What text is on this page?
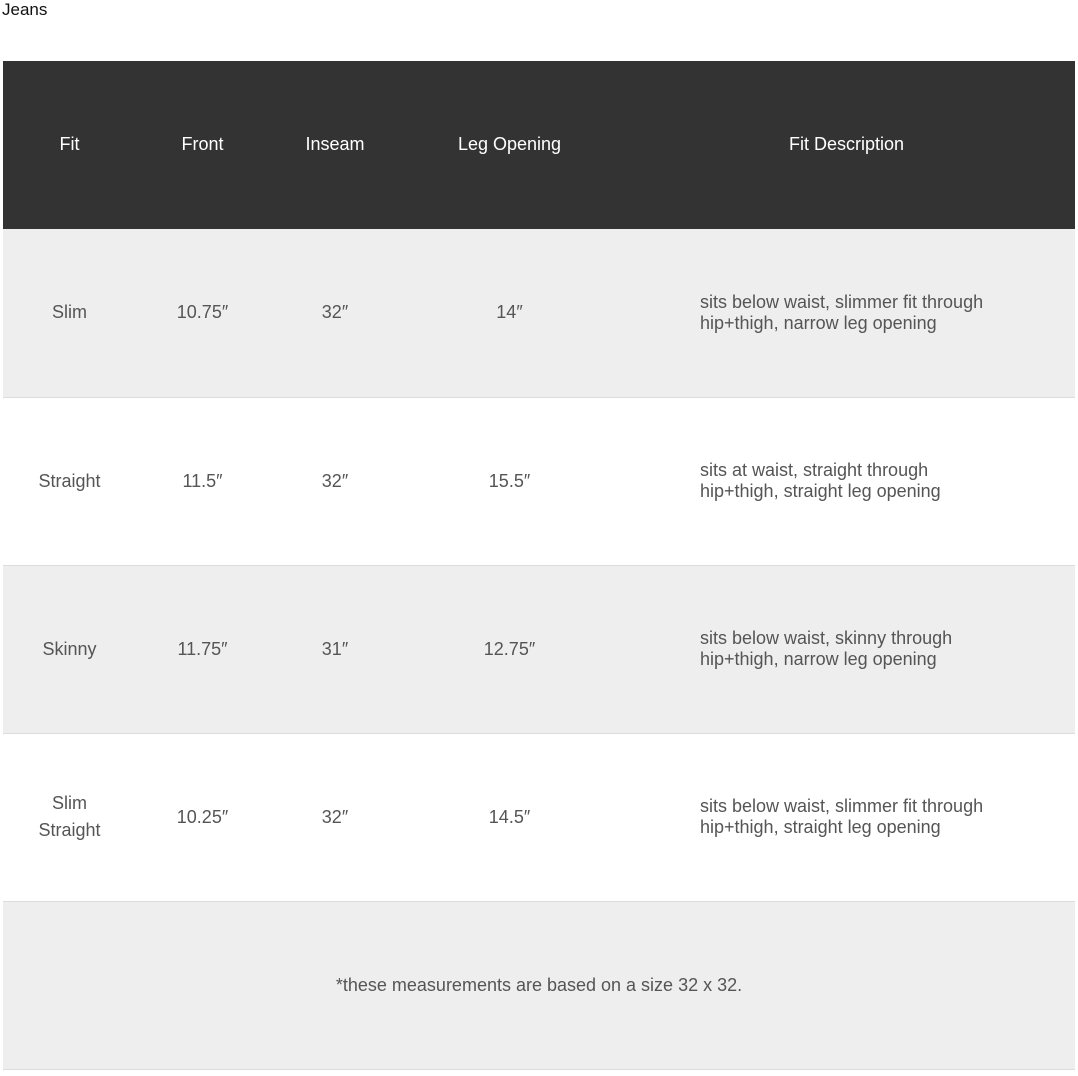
Jeans
Fit	Front	Inseam	Leg Opening	Fit Description
Slim	10.75″	32″	14″	sits below waist, slimmer fit through
hip+thigh, narrow leg opening
Straight	11.5″	32″	15.5″	sits at waist, straight through
hip+thigh, straight leg opening
Skinny	11.75″	31″	12.75″	sits below waist, skinny through
hip+thigh, narrow leg opening
Slim
Straight	10.25″	32″	14.5″	sits below waist, slimmer fit through
hip+thigh, straight leg opening
*these measurements are based on a size 32 x 32.				
